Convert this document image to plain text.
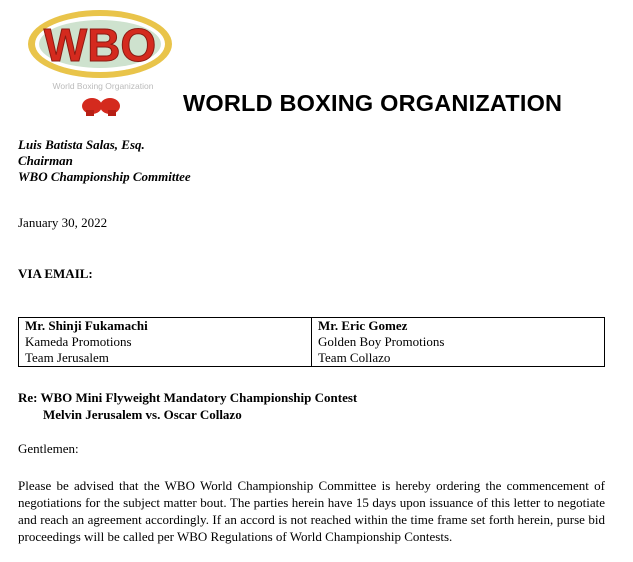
WBO
World Boxing Organization
WORLD BOXING ORGANIZATION
Luis Batista Salas, Esq.
Chairman
WBO Championship Committee
January 30, 2022
VIA EMAIL:
Mr. Shinji Fukamachi
Kameda Promotions
Team Jerusalem

Mr. Eric Gomez
Golden Boy Promotions
Team Collazo
Re: WBO Mini Flyweight Mandatory Championship Contest
Melvin Jerusalem vs. Oscar Collazo
Gentlemen:
Please be advised that the WBO World Championship Committee is hereby ordering the commencement of negotiations for the subject matter bout. The parties herein have 15 days upon issuance of this letter to negotiate and reach an agreement accordingly. If an accord is not reached within the time frame set forth herein, purse bid proceedings will be called per WBO Regulations of World Championship Contests.
